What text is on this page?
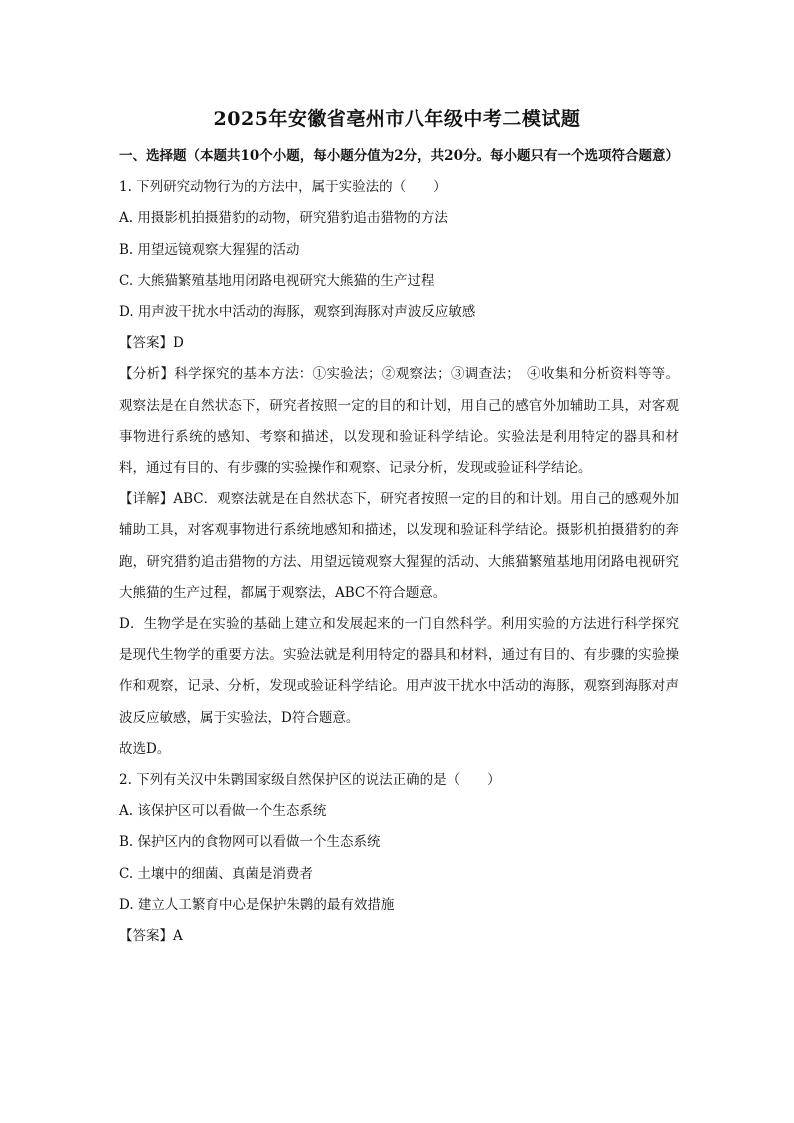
2025年安徽省亳州市八年级中考二模试题

一、选择题（本题共10个小题，每小题分值为2分，共20分。每小题只有一个选项符合题意）

1. 下列研究动物行为的方法中，属于实验法的（　　）

A. 用摄影机拍摄猎豹的动物，研究猎豹追击猎物的方法

B. 用望远镜观察大猩猩的活动

C. 大熊猫繁殖基地用闭路电视研究大熊猫的生产过程

D. 用声波干扰水中活动的海豚，观察到海豚对声波反应敏感

【答案】D

【分析】科学探究的基本方法：①实验法；②观察法；③调查法；　④收集和分析资料等等。观察法是在自然状态下，研究者按照一定的目的和计划，用自己的感官外加辅助工具，对客观事物进行系统的感知、考察和描述，以发现和验证科学结论。实验法是利用特定的器具和材料，通过有目的、有步骤的实验操作和观察、记录分析，发现或验证科学结论。

【详解】ABC．观察法就是在自然状态下，研究者按照一定的目的和计划。用自己的感观外加辅助工具，对客观事物进行系统地感知和描述，以发现和验证科学结论。摄影机拍摄猎豹的奔跑，研究猎豹追击猎物的方法、用望远镜观察大猩猩的活动、大熊猫繁殖基地用闭路电视研究大熊猫的生产过程，都属于观察法，ABC不符合题意。

D．生物学是在实验的基础上建立和发展起来的一门自然科学。利用实验的方法进行科学探究是现代生物学的重要方法。实验法就是利用特定的器具和材料，通过有目的、有步骤的实验操作和观察，记录、分析，发现或验证科学结论。用声波干扰水中活动的海豚，观察到海豚对声波反应敏感，属于实验法，D符合题意。

故选D。

2. 下列有关汉中朱鹮国家级自然保护区的说法正确的是（　　）

A. 该保护区可以看做一个生态系统

B. 保护区内的食物网可以看做一个生态系统

C. 土壤中的细菌、真菌是消费者

D. 建立人工繁育中心是保护朱鹮的最有效措施

【答案】A
